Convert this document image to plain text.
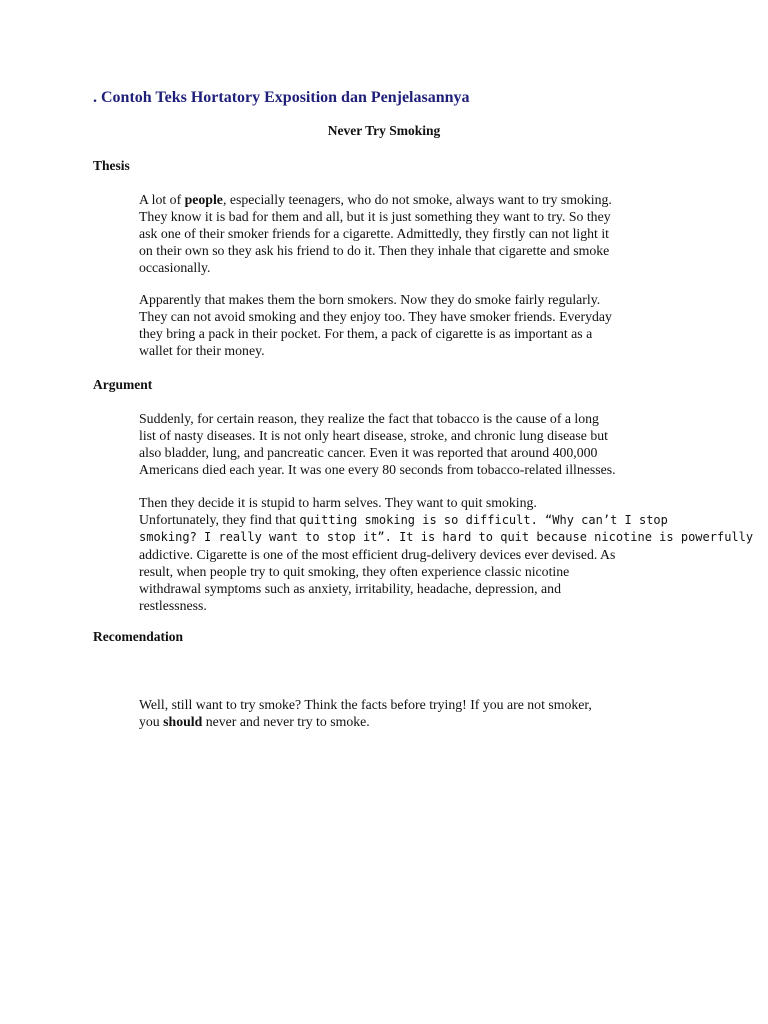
. Contoh Teks Hortatory Exposition dan Penjelasannya
Never Try Smoking
Thesis

A lot of people, especially teenagers, who do not smoke, always want to try smoking.
They know it is bad for them and all, but it is just something they want to try. So they
ask one of their smoker friends for a cigarette. Admittedly, they firstly can not light it
on their own so they ask his friend to do it. Then they inhale that cigarette and smoke
occasionally.

Apparently that makes them the born smokers. Now they do smoke fairly regularly.
They can not avoid smoking and they enjoy too. They have smoker friends. Everyday
they bring a pack in their pocket. For them, a pack of cigarette is as important as a
wallet for their money.

Argument

Suddenly, for certain reason, they realize the fact that tobacco is the cause of a long
list of nasty diseases. It is not only heart disease, stroke, and chronic lung disease but
also bladder, lung, and pancreatic cancer. Even it was reported that around 400,000
Americans died each year. It was one every 80 seconds from tobacco-related illnesses.

Then they decide it is stupid to harm selves. They want to quit smoking.
Unfortunately, they find that quitting smoking is so difficult. “Why can’t I stop
smoking? I really want to stop it”. It is hard to quit because nicotine is powerfully
addictive. Cigarette is one of the most efficient drug-delivery devices ever devised. As
result, when people try to quit smoking, they often experience classic nicotine
withdrawal symptoms such as anxiety, irritability, headache, depression, and
restlessness.

Recomendation

Well, still want to try smoke? Think the facts before trying! If you are not smoker,
you should never and never try to smoke.
